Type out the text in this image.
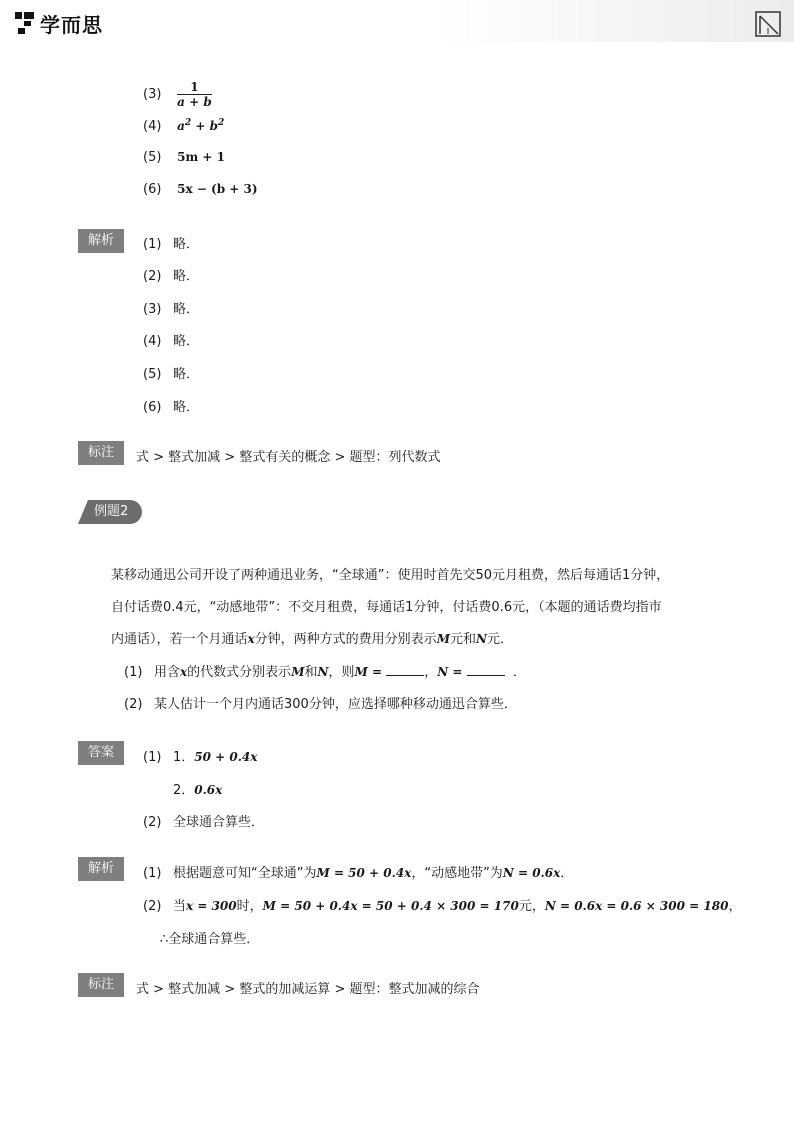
学而思
$(3) \frac{1}{a + b}$
(4) $a^2 + b^2$
(5) 5m + 1
(6) 5x − (b + 3)
解析	(1) 略．
(2) 略．
(3) 略．
(4) 略．
(5) 略．
(6) 略．
标注	式 > 整式加减 > 整式有关的概念 > 题型：列代数式
例题2
某移动通迅公司开设了两种通迅业务，“全球通”：使用时首先交50元月租费，然后每通话1分钟，
自付话费0.4元，“动感地带”：不交月租费，每通话1分钟，付话费0.6元，（本题的通话费均指市
内通话），若一个月通话x分钟，两种方式的费用分别表示M元和N元．
(1) 用含x的代数式分别表示M和N，则M =	，N =	．
(2) 某人估计一个月内通话300分钟，应选择哪种移动通迅合算些．
答案	(1) 1．50 + 0.4x
2．0.6x
(2) 全球通合算些．
解析	(1) 根据题意可知“全球通”为M = 50 + 0.4x，“动感地带”为N = 0.6x．
(2) 当x = 300时，M = 50 + 0.4x = 50 + 0.4 × 300 = 170元，N = 0.6x = 0.6 × 300 = 180，
∴全球通合算些．
标注	式 > 整式加减 > 整式的加减运算 > 题型：整式加减的综合
